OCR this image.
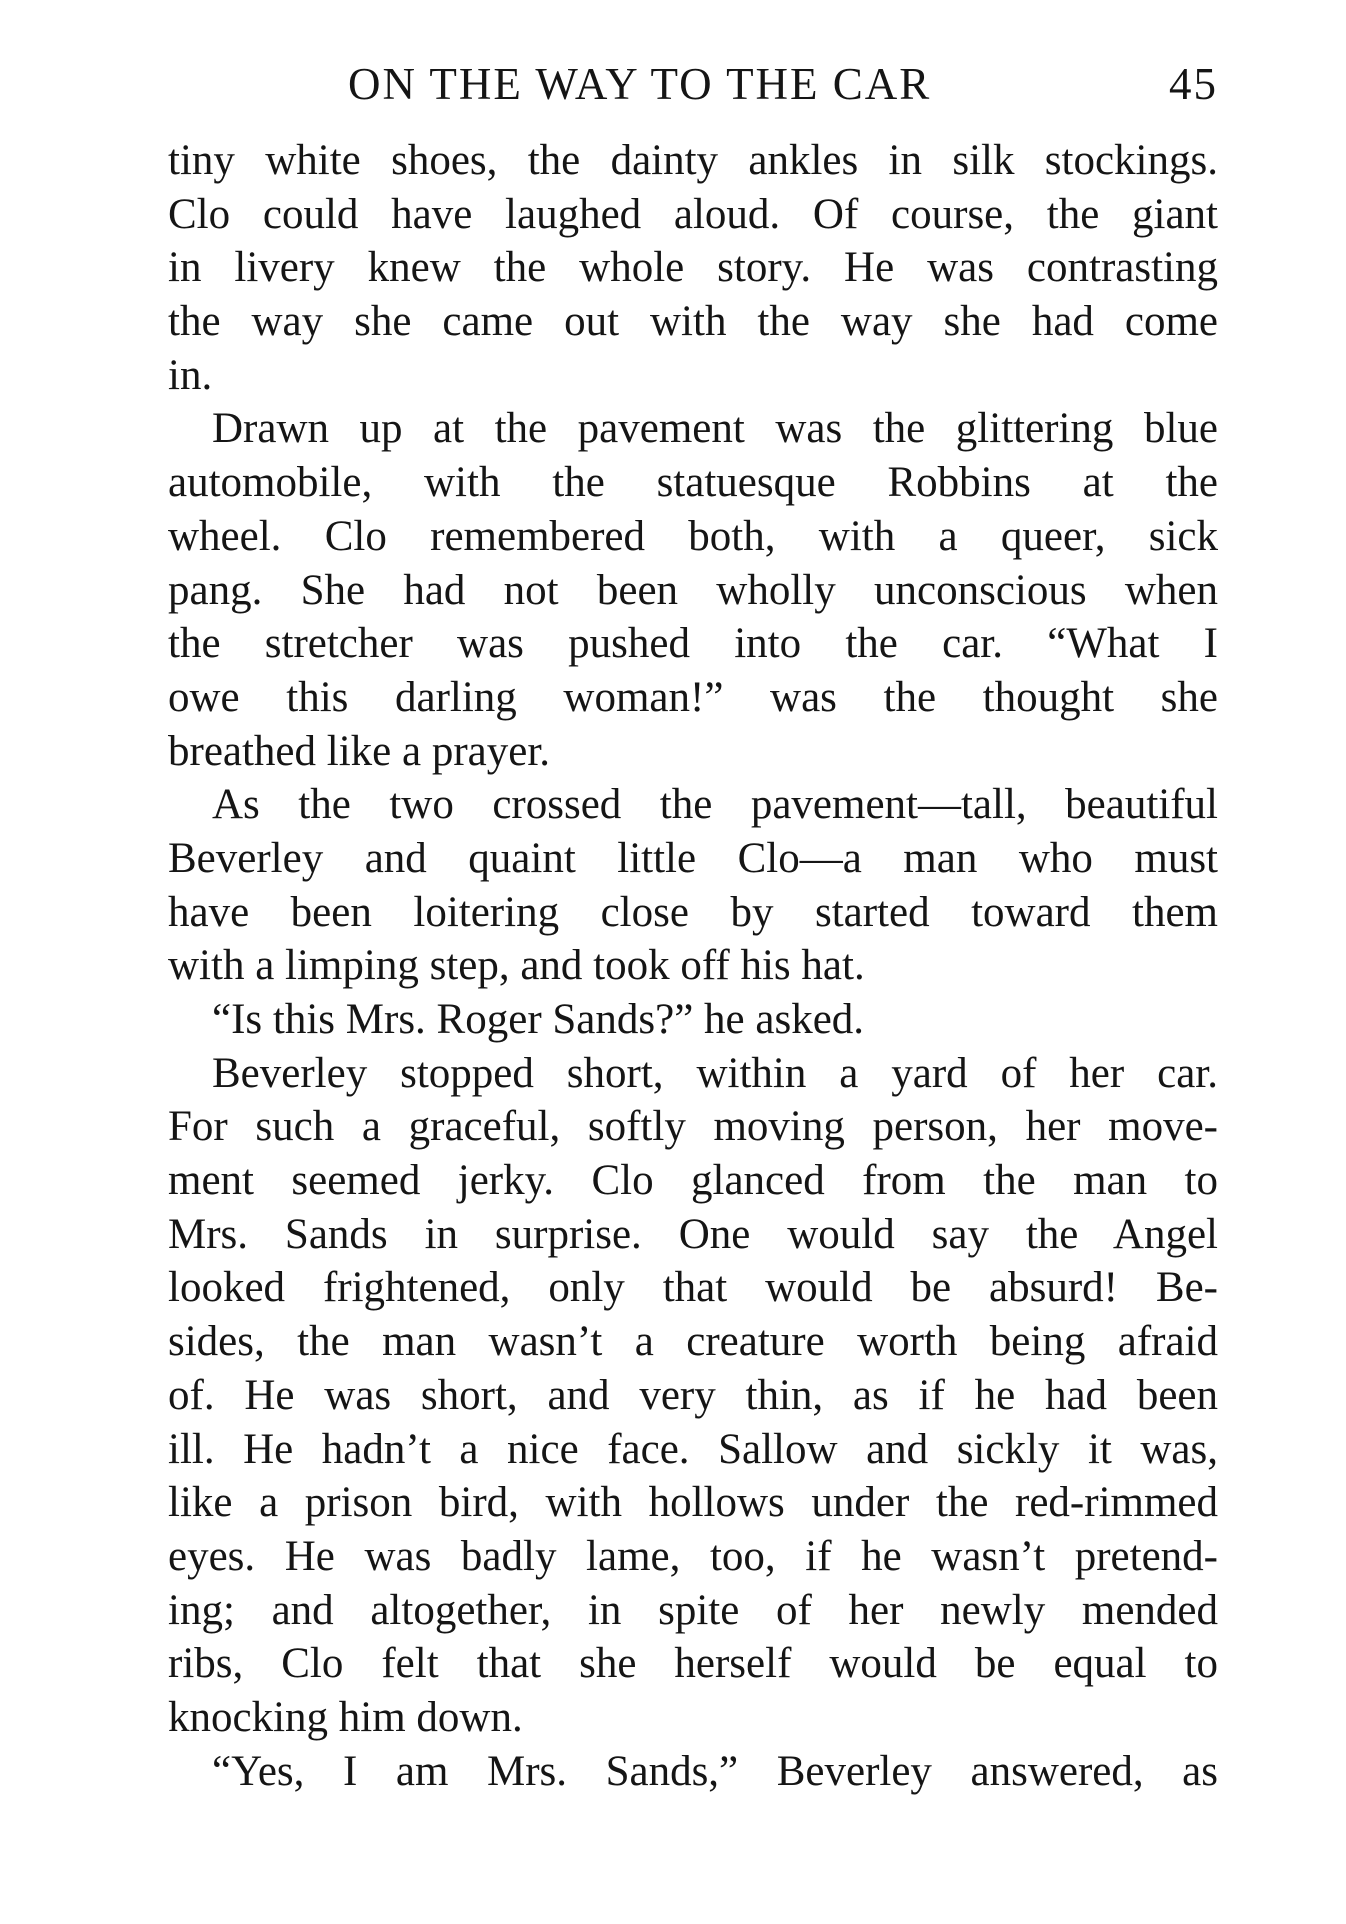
ON THE WAY TO THE CAR	45
tiny white shoes, the dainty ankles in silk stockings.
Clo could have laughed aloud. Of course, the giant
in livery knew the whole story. He was contrasting
the way she came out with the way she had come
in.
Drawn up at the pavement was the glittering blue
automobile, with the statuesque Robbins at the
wheel. Clo remembered both, with a queer, sick
pang. She had not been wholly unconscious when
the stretcher was pushed into the car. “What I
owe this darling woman!” was the thought she
breathed like a prayer.
As the two crossed the pavement—tall, beautiful
Beverley and quaint little Clo—a man who must
have been loitering close by started toward them
with a limping step, and took off his hat.
“Is this Mrs. Roger Sands?” he asked.
Beverley stopped short, within a yard of her car.
For such a graceful, softly moving person, her move-
ment seemed jerky. Clo glanced from the man to
Mrs. Sands in surprise. One would say the Angel
looked frightened, only that would be absurd! Be-
sides, the man wasn’t a creature worth being afraid
of. He was short, and very thin, as if he had been
ill. He hadn’t a nice face. Sallow and sickly it was,
like a prison bird, with hollows under the red-rimmed
eyes. He was badly lame, too, if he wasn’t pretend-
ing; and altogether, in spite of her newly mended
ribs, Clo felt that she herself would be equal to
knocking him down.
“Yes, I am Mrs. Sands,” Beverley answered, as
